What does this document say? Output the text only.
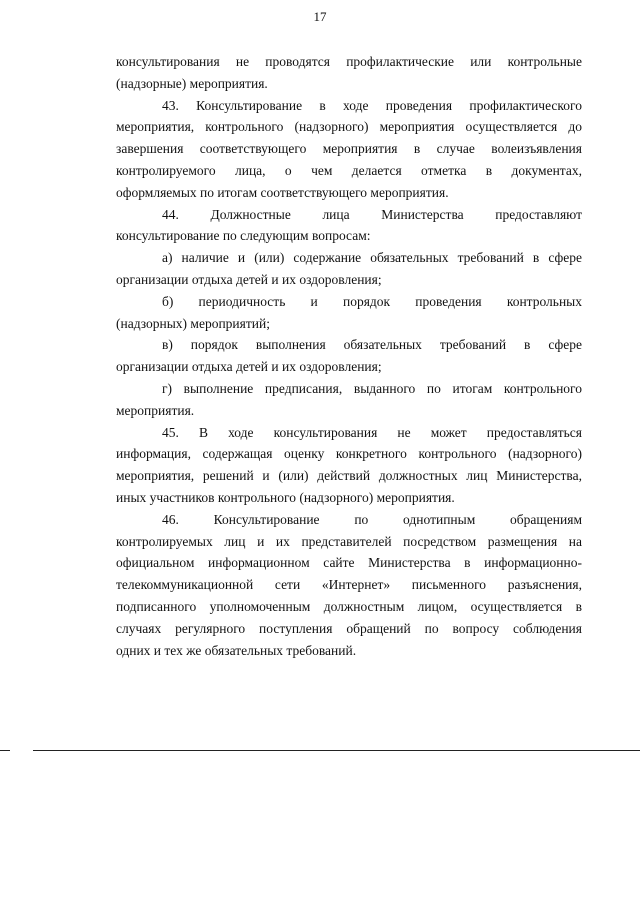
17
консультирования не проводятся профилактические или контрольные
(надзорные) мероприятия.
43. Консультирование в ходе проведения профилактического
мероприятия, контрольного (надзорного) мероприятия осуществляется до
завершения соответствующего мероприятия в случае волеизъявления
контролируемого лица, о чем делается отметка в документах,
оформляемых по итогам соответствующего мероприятия.
44. Должностные лица Министерства предоставляют
консультирование по следующим вопросам:
а) наличие и (или) содержание обязательных требований в сфере
организации отдыха детей и их оздоровления;
б) периодичность и порядок проведения контрольных
(надзорных) мероприятий;
в) порядок выполнения обязательных требований в сфере
организации отдыха детей и их оздоровления;
г) выполнение предписания, выданного по итогам контрольного
мероприятия.
45. В ходе консультирования не может предоставляться
информация, содержащая оценку конкретного контрольного (надзорного)
мероприятия, решений и (или) действий должностных лиц Министерства,
иных участников контрольного (надзорного) мероприятия.
46. Консультирование по однотипным обращениям
контролируемых лиц и их представителей посредством размещения на
официальном информационном сайте Министерства в информационно-
телекоммуникационной сети «Интернет» письменного разъяснения,
подписанного уполномоченным должностным лицом, осуществляется в
случаях регулярного поступления обращений по вопросу соблюдения
одних и тех же обязательных требований.
